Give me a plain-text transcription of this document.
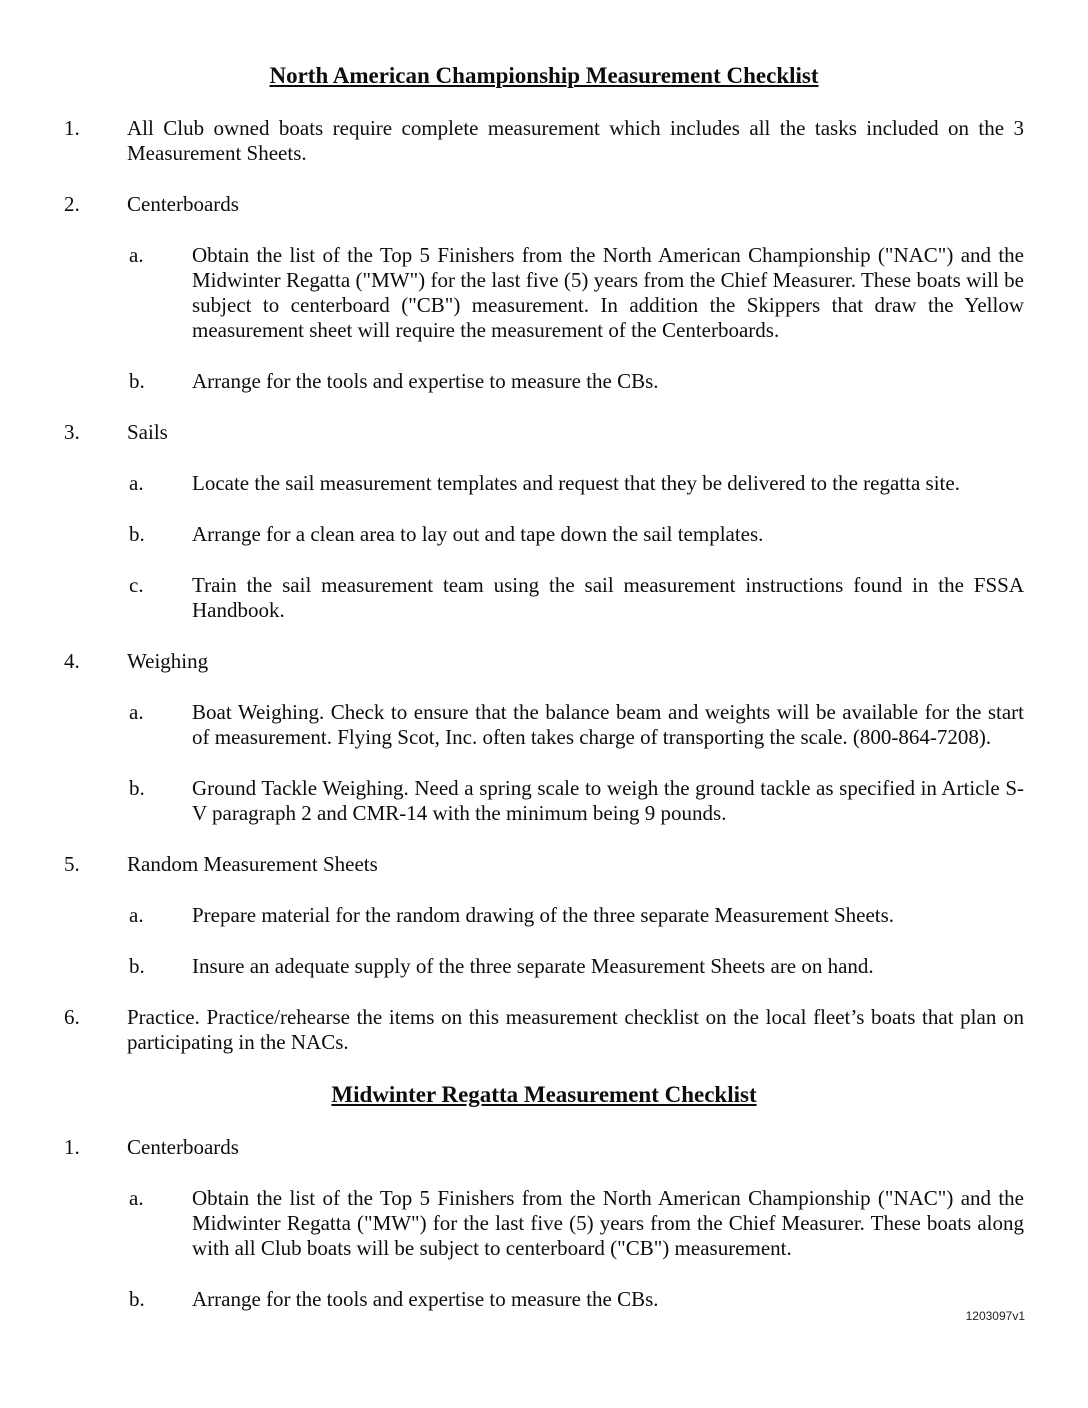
North American Championship Measurement Checklist
1. All Club owned boats require complete measurement which includes all the tasks included on the 3 Measurement Sheets.
2. Centerboards
a. Obtain the list of the Top 5 Finishers from the North American Championship ("NAC") and the Midwinter Regatta ("MW") for the last five (5) years from the Chief Measurer. These boats will be subject to centerboard ("CB") measurement. In addition the Skippers that draw the Yellow measurement sheet will require the measurement of the Centerboards.
b. Arrange for the tools and expertise to measure the CBs.
3. Sails
a. Locate the sail measurement templates and request that they be delivered to the regatta site.
b. Arrange for a clean area to lay out and tape down the sail templates.
c. Train the sail measurement team using the sail measurement instructions found in the FSSA Handbook.
4. Weighing
a. Boat Weighing. Check to ensure that the balance beam and weights will be available for the start of measurement. Flying Scot, Inc. often takes charge of transporting the scale. (800-864-7208).
b. Ground Tackle Weighing. Need a spring scale to weigh the ground tackle as specified in Article S-V paragraph 2 and CMR-14 with the minimum being 9 pounds.
5. Random Measurement Sheets
a. Prepare material for the random drawing of the three separate Measurement Sheets.
b. Insure an adequate supply of the three separate Measurement Sheets are on hand.
6. Practice. Practice/rehearse the items on this measurement checklist on the local fleet’s boats that plan on participating in the NACs.
Midwinter Regatta Measurement Checklist
1. Centerboards
a. Obtain the list of the Top 5 Finishers from the North American Championship ("NAC") and the Midwinter Regatta ("MW") for the last five (5) years from the Chief Measurer. These boats along with all Club boats will be subject to centerboard ("CB") measurement.
b. Arrange for the tools and expertise to measure the CBs.
1203097v1
